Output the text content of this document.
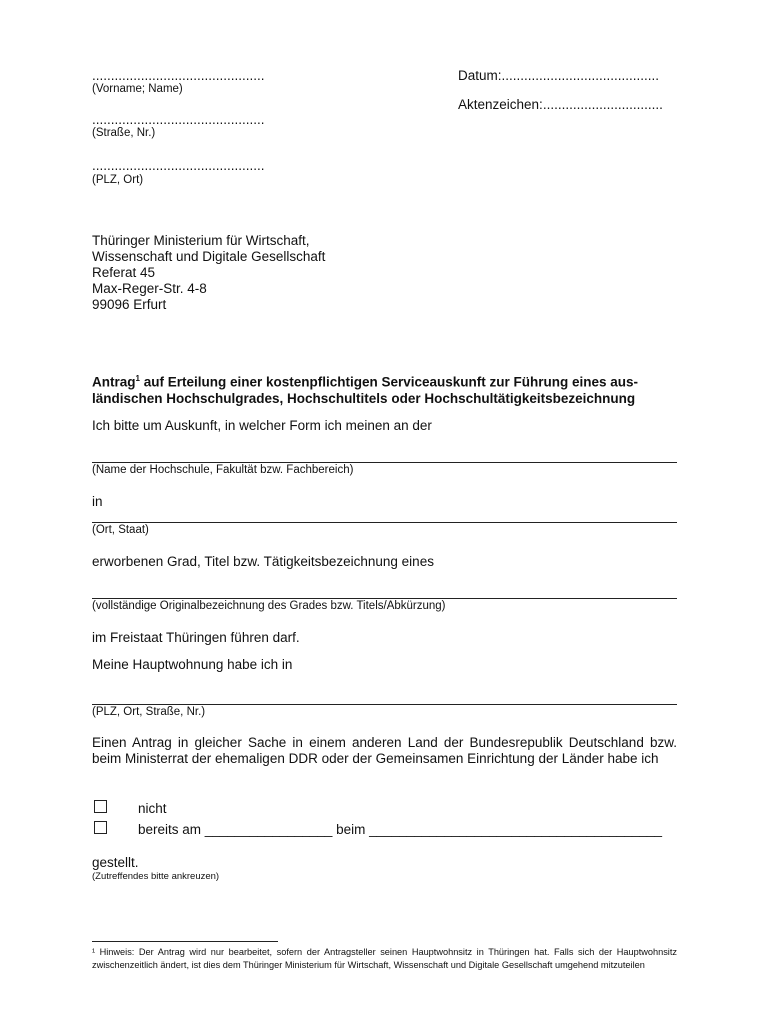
..............................................
(Vorname; Name)
..............................................
(Straße, Nr.)
..............................................
(PLZ, Ort)
Datum:..........................................
Aktenzeichen:................................
Thüringer Ministerium für Wirtschaft,
Wissenschaft und Digitale Gesellschaft
Referat 45
Max-Reger-Str. 4-8
99096 Erfurt
Antrag$^1$ auf Erteilung einer kostenpflichtigen Serviceauskunft zur Führung eines aus-
ländischen Hochschulgrades, Hochschultitels oder Hochschultätigkeitsbezeichnung
Ich bitte um Auskunft, in welcher Form ich meinen an der
(Name der Hochschule, Fakultät bzw. Fachbereich)
in
(Ort, Staat)
erworbenen Grad, Titel bzw. Tätigkeitsbezeichnung eines
(vollständige Originalbezeichnung des Grades bzw. Titels/Abkürzung)
im Freistaat Thüringen führen darf.
Meine Hauptwohnung habe ich in
(PLZ, Ort, Straße, Nr.)
Einen Antrag in gleicher Sache in einem anderen Land der Bundesrepublik Deutschland bzw. beim Ministerrat der ehemaligen DDR oder der Gemeinsamen Einrichtung der Länder habe ich
nicht
bereits am _________________ beim _______________________________________
gestellt.
(Zutreffendes bitte ankreuzen)
¹ Hinweis: Der Antrag wird nur bearbeitet, sofern der Antragsteller seinen Hauptwohnsitz in Thüringen hat. Falls sich der Hauptwohnsitz zwischenzeitlich ändert, ist dies dem Thüringer Ministerium für Wirtschaft, Wissenschaft und Digitale Gesellschaft umgehend mitzuteilen
